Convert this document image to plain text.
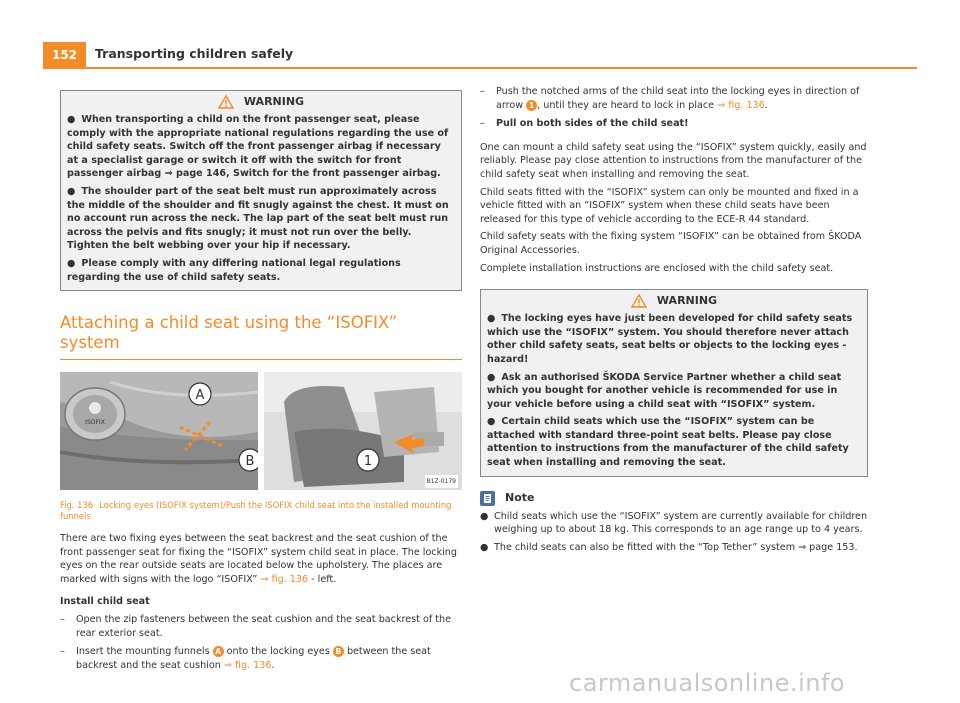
152	Transporting children safely
WARNING

● When transporting a child on the front passenger seat, please comply with the appropriate national regulations regarding the use of child safety seats. Switch off the front passenger airbag if necessary at a specialist garage or switch it off with the switch for front passenger airbag ⇒ page 146, Switch for the front passenger airbag.

● The shoulder part of the seat belt must run approximately across the middle of the shoulder and fit snugly against the chest. It must on no account run across the neck. The lap part of the seat belt must run across the pelvis and fits snugly; it must not run over the belly. Tighten the belt webbing over your hip if necessary.

● Please comply with any differing national legal regulations regarding the use of child safety seats.

Attaching a child seat using the “ISOFIX” system
ISOFIX
A
B	1
B1Z-0179
Fig. 136 Locking eyes (ISOFIX system)/Push the ISOFIX child seat into the installed mounting funnels

There are two fixing eyes between the seat backrest and the seat cushion of the front passenger seat for fixing the “ISOFIX” system child seat in place. The locking eyes on the rear outside seats are located below the upholstery. The places are marked with signs with the logo “ISOFIX” ⇒ fig. 136 - left.

Install child seat

–	Open the zip fasteners between the seat cushion and the seat backrest of the rear exterior seat.
–	Insert the mounting funnels A onto the locking eyes B between the seat backrest and the seat cushion ⇒ fig. 136.
–	Push the notched arms of the child seat into the locking eyes in direction of arrow 1 , until they are heard to lock in place ⇒ fig. 136.
–	Pull on both sides of the child seat!

One can mount a child safety seat using the “ISOFIX” system quickly, easily and reliably. Please pay close attention to instructions from the manufacturer of the child safety seat when installing and removing the seat.

Child seats fitted with the “ISOFIX” system can only be mounted and fixed in a vehicle fitted with an “ISOFIX” system when these child seats have been released for this type of vehicle according to the ECE-R 44 standard.

Child safety seats with the fixing system “ISOFIX” can be obtained from ŠKODA Original Accessories.

Complete installation instructions are enclosed with the child safety seat.

WARNING

● The locking eyes have just been developed for child safety seats which use the “ISOFIX” system. You should therefore never attach other child safety seats, seat belts or objects to the locking eyes - hazard!

● Ask an authorised ŠKODA Service Partner whether a child seat which you bought for another vehicle is recommended for use in your vehicle before using a child seat with “ISOFIX” system.

● Certain child seats which use the “ISOFIX” system can be attached with standard three-point seat belts. Please pay close attention to instructions from the manufacturer of the child safety seat when installing and removing the seat.

Note
● Child seats which use the “ISOFIX” system are currently available for children weighing up to about 18 kg. This corresponds to an age range up to 4 years.
● The child seats can also be fitted with the “Top Tether” system ⇒ page 153.
carmanualsonline.info
